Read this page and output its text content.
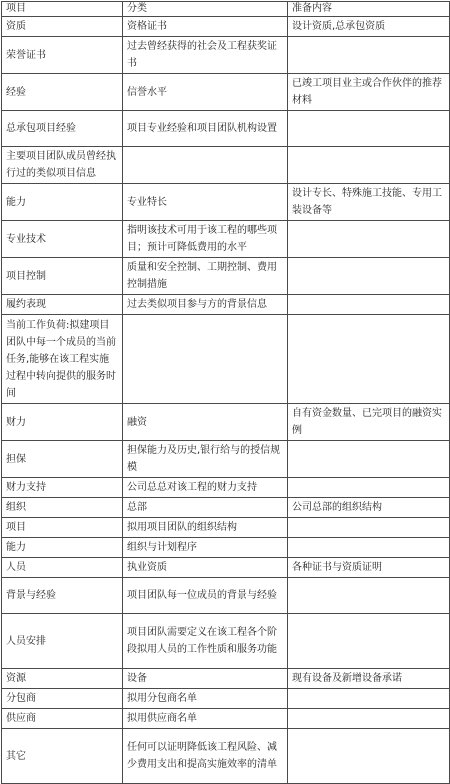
项目	分类	准备内容
资质	资格证书	设计资质,总承包资质
荣誉证书	过去曾经获得的社会及工程获奖证书	
经验	信誉水平	已竣工项目业主或合作伙伴的推荐材料
总承包项目经验	项目专业经验和项目团队机构设置	
主要项目团队成员曾经执行过的类似项目信息		
能力	专业特长	设计专长、特殊施工技能、专用工装设备等
专业技术	指明该技术可用于该工程的哪些项目；预计可降低费用的水平	
项目控制	质量和安全控制、工期控制、费用控制措施	
履约表现	过去类似项目参与方的背景信息	
当前工作负荷:拟建项目团队中每一个成员的当前任务,能够在该工程实施过程中转向提供的服务时间		
财力	融资	自有资金数量、已完项目的融资实例
担保	担保能力及历史,银行给与的授信规模	
财力支持	公司总总对该工程的财力支持	
组织	总部	公司总部的组织结构
项目	拟用项目团队的组织结构	
能力	组织与计划程序	
人员	执业资质	各种证书与资质证明
背景与经验	项目团队每一位成员的背景与经验	
人员安排	项目团队需要定义在该工程各个阶段拟用人员的工作性质和服务功能	
资源	设备	现有设备及新增设备承诺
分包商	拟用分包商名单	
供应商	拟用供应商名单	
其它	任何可以证明降低该工程风险、减少费用支出和提高实施效率的清单	
